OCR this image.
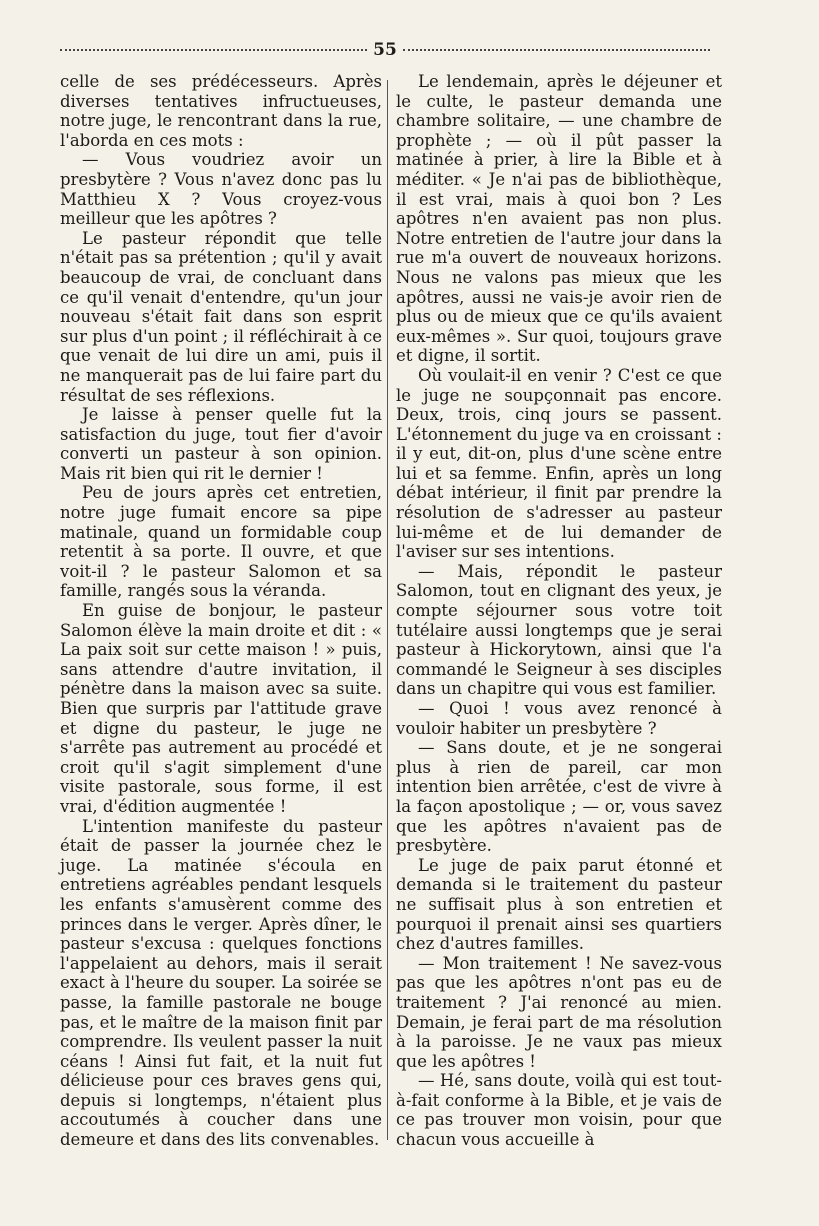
55

celle de ses prédécesseurs. Après diverses tentatives infructueuses, notre juge, le rencontrant dans la rue, l'aborda en ces mots :

— Vous voudriez avoir un presbytère ? Vous n'avez donc pas lu Matthieu X ? Vous croyez-vous meilleur que les apôtres ?

Le pasteur répondit que telle n'était pas sa prétention ; qu'il y avait beaucoup de vrai, de concluant dans ce qu'il venait d'entendre, qu'un jour nouveau s'était fait dans son esprit sur plus d'un point ; il réfléchirait à ce que venait de lui dire un ami, puis il ne manquerait pas de lui faire part du résultat de ses réflexions.

Je laisse à penser quelle fut la satisfaction du juge, tout fier d'avoir converti un pasteur à son opinion. Mais rit bien qui rit le dernier !

Peu de jours après cet entretien, notre juge fumait encore sa pipe matinale, quand un formidable coup retentit à sa porte. Il ouvre, et que voit-il ? le pasteur Salomon et sa famille, rangés sous la véranda.

En guise de bonjour, le pasteur Salomon élève la main droite et dit : « La paix soit sur cette maison ! » puis, sans attendre d'autre invitation, il pénètre dans la maison avec sa suite. Bien que surpris par l'attitude grave et digne du pasteur, le juge ne s'arrête pas autrement au procédé et croit qu'il s'agit simplement d'une visite pastorale, sous forme, il est vrai, d'édition augmentée !

L'intention manifeste du pasteur était de passer la journée chez le juge. La matinée s'écoula en entretiens agréables pendant lesquels les enfants s'amusèrent comme des princes dans le verger. Après dîner, le pasteur s'excusa : quelques fonctions l'appelaient au dehors, mais il serait exact à l'heure du souper. La soirée se passe, la famille pastorale ne bouge pas, et le maître de la maison finit par comprendre. Ils veulent passer la nuit céans ! Ainsi fut fait, et la nuit fut délicieuse pour ces braves gens qui, depuis si longtemps, n'étaient plus accoutumés à coucher dans une demeure et dans des lits convenables.

Le lendemain, après le déjeuner et le culte, le pasteur demanda une chambre solitaire, — une chambre de prophète ; — où il pût passer la matinée à prier, à lire la Bible et à méditer. « Je n'ai pas de bibliothèque, il est vrai, mais à quoi bon ? Les apôtres n'en avaient pas non plus. Notre entretien de l'autre jour dans la rue m'a ouvert de nouveaux horizons. Nous ne valons pas mieux que les apôtres, aussi ne vais-je avoir rien de plus ou de mieux que ce qu'ils avaient eux-mêmes ». Sur quoi, toujours grave et digne, il sortit.

Où voulait-il en venir ? C'est ce que le juge ne soupçonnait pas encore. Deux, trois, cinq jours se passent. L'étonnement du juge va en croissant : il y eut, dit-on, plus d'une scène entre lui et sa femme. Enfin, après un long débat intérieur, il finit par prendre la résolution de s'adresser au pasteur lui-même et de lui demander de l'aviser sur ses intentions.

— Mais, répondit le pasteur Salomon, tout en clignant des yeux, je compte séjourner sous votre toit tutélaire aussi longtemps que je serai pasteur à Hickorytown, ainsi que l'a commandé le Seigneur à ses disciples dans un chapitre qui vous est familier.

— Quoi ! vous avez renoncé à vouloir habiter un presbytère ?

— Sans doute, et je ne songerai plus à rien de pareil, car mon intention bien arrêtée, c'est de vivre à la façon apostolique ; — or, vous savez que les apôtres n'avaient pas de presbytère.

Le juge de paix parut étonné et demanda si le traitement du pasteur ne suffisait plus à son entretien et pourquoi il prenait ainsi ses quartiers chez d'autres familles.

— Mon traitement ! Ne savez-vous pas que les apôtres n'ont pas eu de traitement ? J'ai renoncé au mien. Demain, je ferai part de ma résolution à la paroisse. Je ne vaux pas mieux que les apôtres !

— Hé, sans doute, voilà qui est tout-à-fait conforme à la Bible, et je vais de ce pas trouver mon voisin, pour que chacun vous accueille à
